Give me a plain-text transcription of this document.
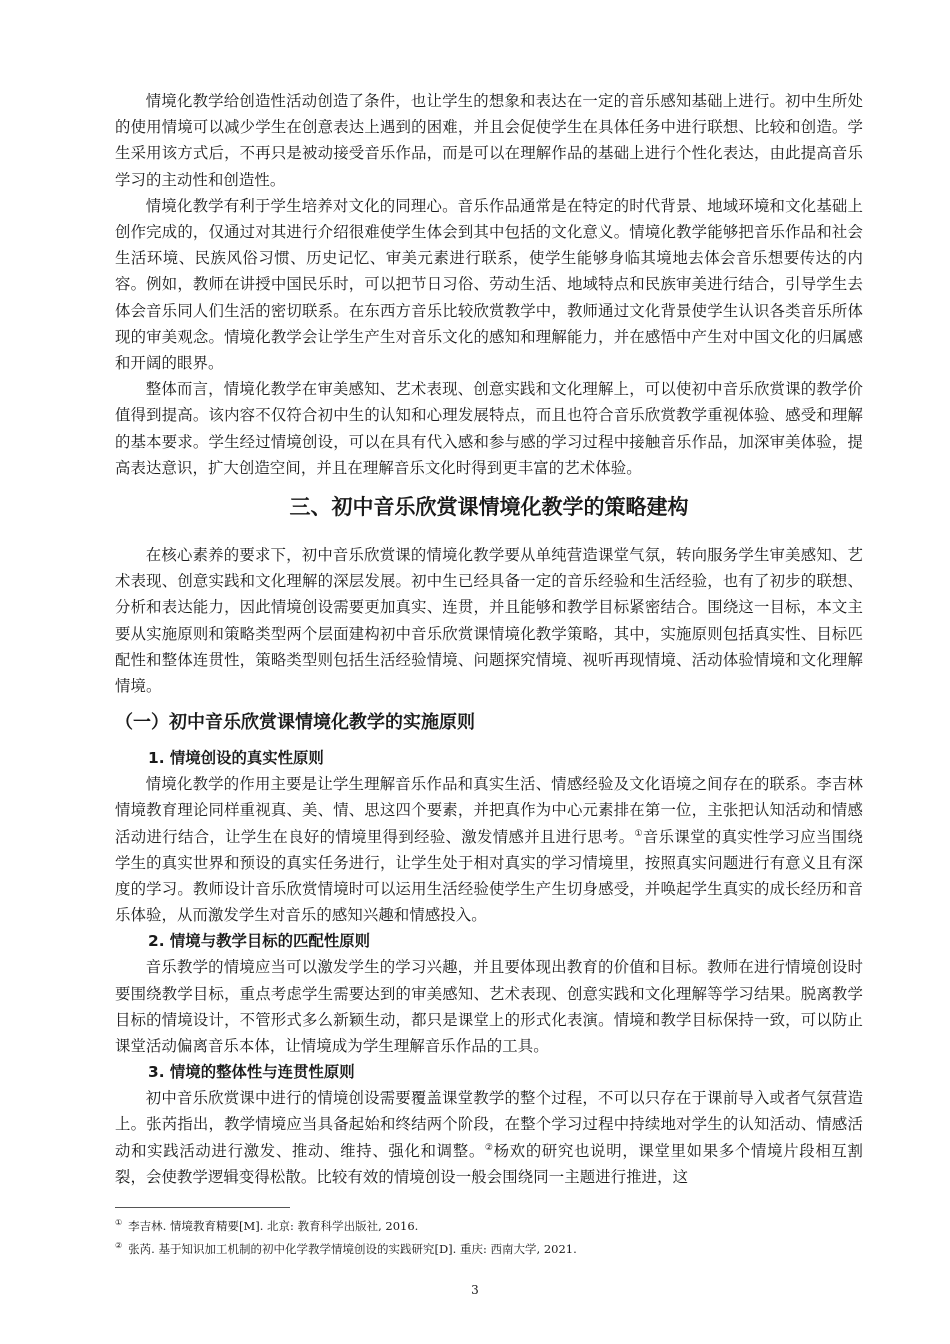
情境化教学给创造性活动创造了条件，也让学生的想象和表达在一定的音乐感知基础上进行。初中生所处的使用情境可以减少学生在创意表达上遇到的困难，并且会促使学生在具体任务中进行联想、比较和创造。学生采用该方式后，不再只是被动接受音乐作品，而是可以在理解作品的基础上进行个性化表达，由此提高音乐学习的主动性和创造性。

情境化教学有利于学生培养对文化的同理心。音乐作品通常是在特定的时代背景、地域环境和文化基础上创作完成的，仅通过对其进行介绍很难使学生体会到其中包括的文化意义。情境化教学能够把音乐作品和社会生活环境、民族风俗习惯、历史记忆、审美元素进行联系，使学生能够身临其境地去体会音乐想要传达的内容。例如，教师在讲授中国民乐时，可以把节日习俗、劳动生活、地域特点和民族审美进行结合，引导学生去体会音乐同人们生活的密切联系。在东西方音乐比较欣赏教学中，教师通过文化背景使学生认识各类音乐所体现的审美观念。情境化教学会让学生产生对音乐文化的感知和理解能力，并在感悟中产生对中国文化的归属感和开阔的眼界。

整体而言，情境化教学在审美感知、艺术表现、创意实践和文化理解上，可以使初中音乐欣赏课的教学价值得到提高。该内容不仅符合初中生的认知和心理发展特点，而且也符合音乐欣赏教学重视体验、感受和理解的基本要求。学生经过情境创设，可以在具有代入感和参与感的学习过程中接触音乐作品，加深审美体验，提高表达意识，扩大创造空间，并且在理解音乐文化时得到更丰富的艺术体验。

三、初中音乐欣赏课情境化教学的策略建构

在核心素养的要求下，初中音乐欣赏课的情境化教学要从单纯营造课堂气氛，转向服务学生审美感知、艺术表现、创意实践和文化理解的深层发展。初中生已经具备一定的音乐经验和生活经验，也有了初步的联想、分析和表达能力，因此情境创设需要更加真实、连贯，并且能够和教学目标紧密结合。围绕这一目标，本文主要从实施原则和策略类型两个层面建构初中音乐欣赏课情境化教学策略，其中，实施原则包括真实性、目标匹配性和整体连贯性，策略类型则包括生活经验情境、问题探究情境、视听再现情境、活动体验情境和文化理解情境。

（一）初中音乐欣赏课情境化教学的实施原则
1. 情境创设的真实性原则

情境化教学的作用主要是让学生理解音乐作品和真实生活、情感经验及文化语境之间存在的联系。李吉林情境教育理论同样重视真、美、情、思这四个要素，并把真作为中心元素排在第一位，主张把认知活动和情感活动进行结合，让学生在良好的情境里得到经验、激发情感并且进行思考。①音乐课堂的真实性学习应当围绕学生的真实世界和预设的真实任务进行，让学生处于相对真实的学习情境里，按照真实问题进行有意义且有深度的学习。教师设计音乐欣赏情境时可以运用生活经验使学生产生切身感受，并唤起学生真实的成长经历和音乐体验，从而激发学生对音乐的感知兴趣和情感投入。

2. 情境与教学目标的匹配性原则

音乐教学的情境应当可以激发学生的学习兴趣，并且要体现出教育的价值和目标。教师在进行情境创设时要围绕教学目标，重点考虑学生需要达到的审美感知、艺术表现、创意实践和文化理解等学习结果。脱离教学目标的情境设计，不管形式多么新颖生动，都只是课堂上的形式化表演。情境和教学目标保持一致，可以防止课堂活动偏离音乐本体，让情境成为学生理解音乐作品的工具。

3. 情境的整体性与连贯性原则

初中音乐欣赏课中进行的情境创设需要覆盖课堂教学的整个过程，不可以只存在于课前导入或者气氛营造上。张芮指出，教学情境应当具备起始和终结两个阶段，在整个学习过程中持续地对学生的认知活动、情感活动和实践活动进行激发、推动、维持、强化和调整。②杨欢的研究也说明，课堂里如果多个情境片段相互割裂，会使教学逻辑变得松散。比较有效的情境创设一般会围绕同一主题进行推进，这

① 李吉林. 情境教育精要[M]. 北京: 教育科学出版社, 2016.

② 张芮. 基于知识加工机制的初中化学教学情境创设的实践研究[D]. 重庆: 西南大学, 2021.

3
